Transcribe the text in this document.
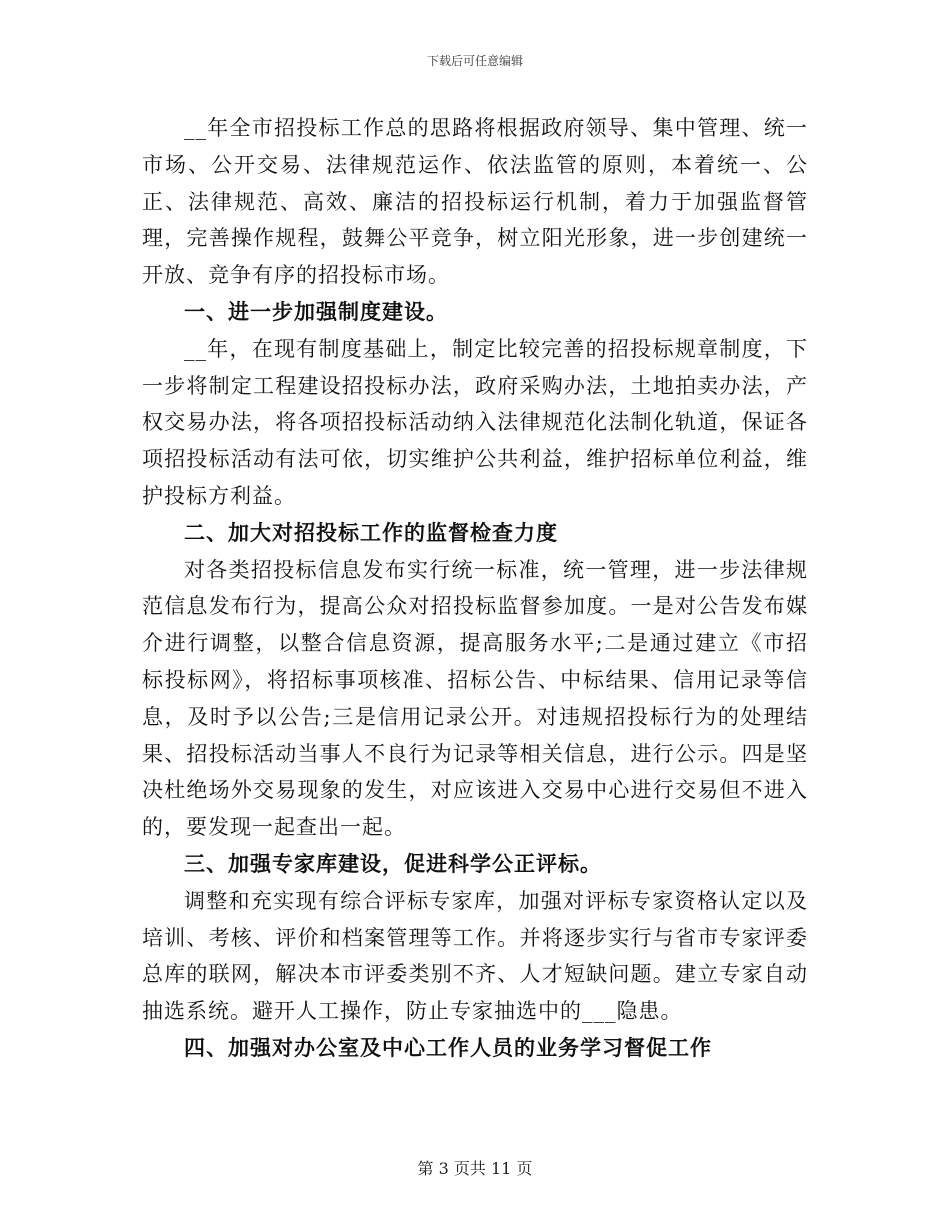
下载后可任意编辑

__年全市招投标工作总的思路将根据政府领导、集中管理、统一市场、公开交易、法律规范运作、依法监管的原则，本着统一、公正、法律规范、高效、廉洁的招投标运行机制，着力于加强监督管理，完善操作规程，鼓舞公平竞争，树立阳光形象，进一步创建统一开放、竞争有序的招投标市场。

一、进一步加强制度建设。

__年，在现有制度基础上，制定比较完善的招投标规章制度，下一步将制定工程建设招投标办法，政府采购办法，土地拍卖办法，产权交易办法，将各项招投标活动纳入法律规范化法制化轨道，保证各项招投标活动有法可依，切实维护公共利益，维护招标单位利益，维护投标方利益。

二、加大对招投标工作的监督检查力度

对各类招投标信息发布实行统一标准，统一管理，进一步法律规范信息发布行为，提高公众对招投标监督参加度。一是对公告发布媒介进行调整，以整合信息资源，提高服务水平;二是通过建立《市招标投标网》，将招标事项核准、招标公告、中标结果、信用记录等信息，及时予以公告;三是信用记录公开。对违规招投标行为的处理结果、招投标活动当事人不良行为记录等相关信息，进行公示。四是坚决杜绝场外交易现象的发生，对应该进入交易中心进行交易但不进入的，要发现一起查出一起。

三、加强专家库建设，促进科学公正评标。

调整和充实现有综合评标专家库，加强对评标专家资格认定以及培训、考核、评价和档案管理等工作。并将逐步实行与省市专家评委总库的联网，解决本市评委类别不齐、人才短缺问题。建立专家自动抽选系统。避开人工操作，防止专家抽选中的___隐患。

四、加强对办公室及中心工作人员的业务学习督促工作

第 3 页共 11 页
